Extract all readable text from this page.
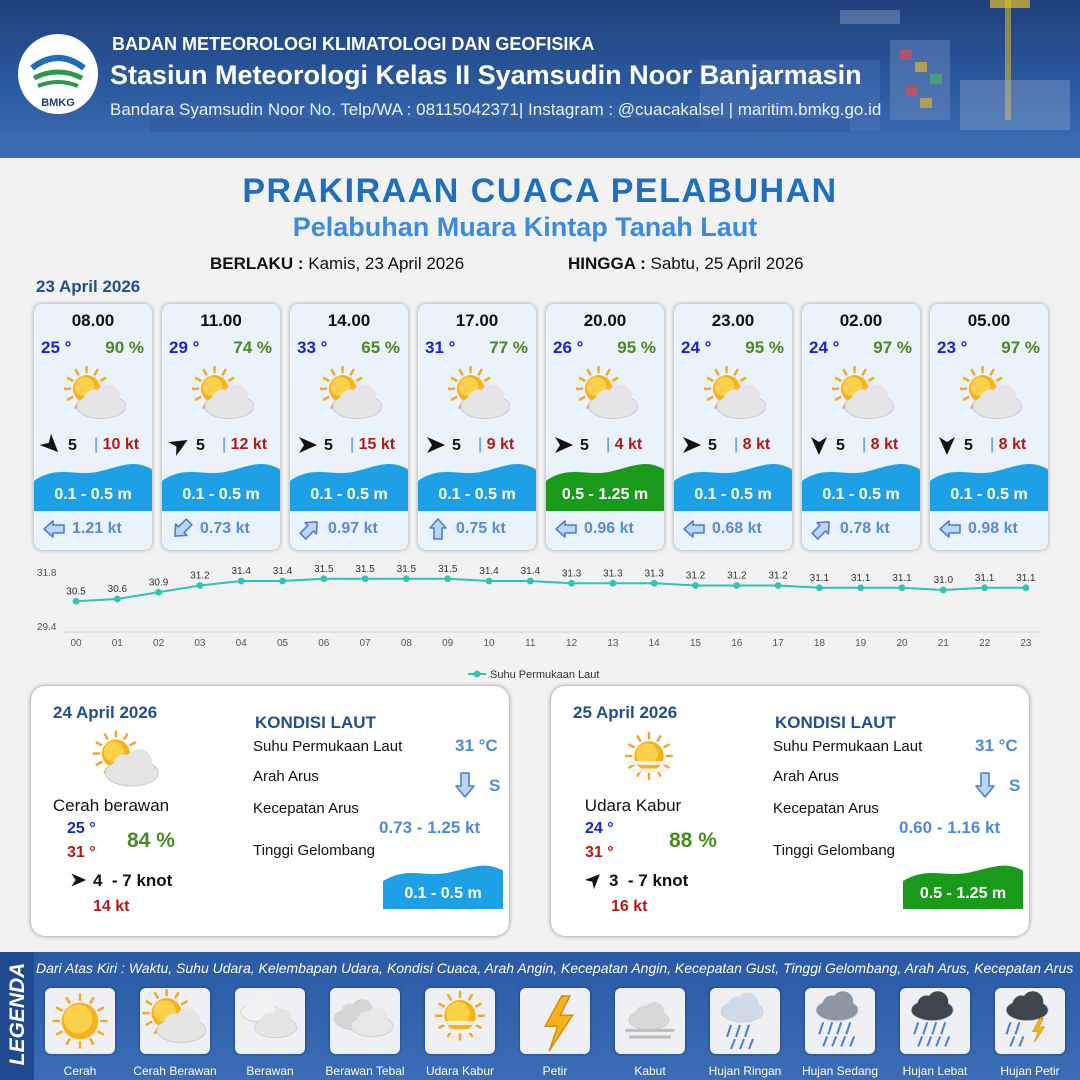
BMKG
BADAN METEOROLOGI KLIMATOLOGI DAN GEOFISIKA
Stasiun Meteorologi Kelas II Syamsudin Noor Banjarmasin
Bandara Syamsudin Noor No. Telp/WA : 08115042371| Instagram : @cuacakalsel | maritim.bmkg.go.id
PRAKIRAAN CUACA PELABUHAN
Pelabuhan Muara Kintap Tanah Laut
BERLAKU : Kamis, 23 April 2026	HINGGA : Sabtu, 25 April 2026
23 April 2026
08.00
25 ° 90 %
5 | 10 kt
0.1 - 0.5 m
1.21 kt
11.00
29 ° 74 %
5 | 12 kt
0.1 - 0.5 m
0.73 kt
14.00
33 ° 65 %
5 | 15 kt
0.1 - 0.5 m
0.97 kt
17.00
31 ° 77 %
5 | 9 kt
0.1 - 0.5 m
0.75 kt
20.00
26 ° 95 %
5 | 4 kt
0.5 - 1.25 m
0.96 kt
23.00
24 ° 95 %
5 | 8 kt
0.1 - 0.5 m
0.68 kt
02.00
24 ° 97 %
5 | 8 kt
0.1 - 0.5 m
0.78 kt
05.00
23 ° 97 %
5 | 8 kt
0.1 - 0.5 m
0.98 kt
31.8
29.4
30.5
00
30.6
01
30.9
02
31.2
03
31.4
04
31.4
05
31.5
06
31.5
07
31.5
08
31.5
09
31.4
10
31.4
11
31.3
12
31.3
13
31.3
14
31.2
15
31.2
16
31.2
17
31.1
18
31.1
19
31.1
20
31.0
21
31.1
22
31.1
23
Suhu Permukaan Laut
24 April 2026
Cerah berawan
25 °
31 °
84 %
4  - 7 knot
14 kt
KONDISI LAUT
Suhu Permukaan Laut	31 °C
Arah Arus	S
Kecepatan Arus
0.73 - 1.25 kt
Tinggi Gelombang
0.1 - 0.5 m
25 April 2026
Udara Kabur
24 °
31 °
88 %
3  - 7 knot
16 kt
KONDISI LAUT
Suhu Permukaan Laut	31 °C
Arah Arus	S
Kecepatan Arus
0.60 - 1.16 kt
Tinggi Gelombang
0.5 - 1.25 m
LEGENDA Dari Atas Kiri : Waktu, Suhu Udara, Kelembapan Udara, Kondisi Cuaca, Arah Angin, Kecepatan Angin, Kecepatan Gust, Tinggi Gelombang, Arah Arus, Kecepatan Arus
Cerah	Cerah Berawan	Berawan	Berawan Tebal	Udara Kabur	Petir	Kabut	Hujan Ringan	Hujan Sedang	Hujan Lebat	Hujan Petir
